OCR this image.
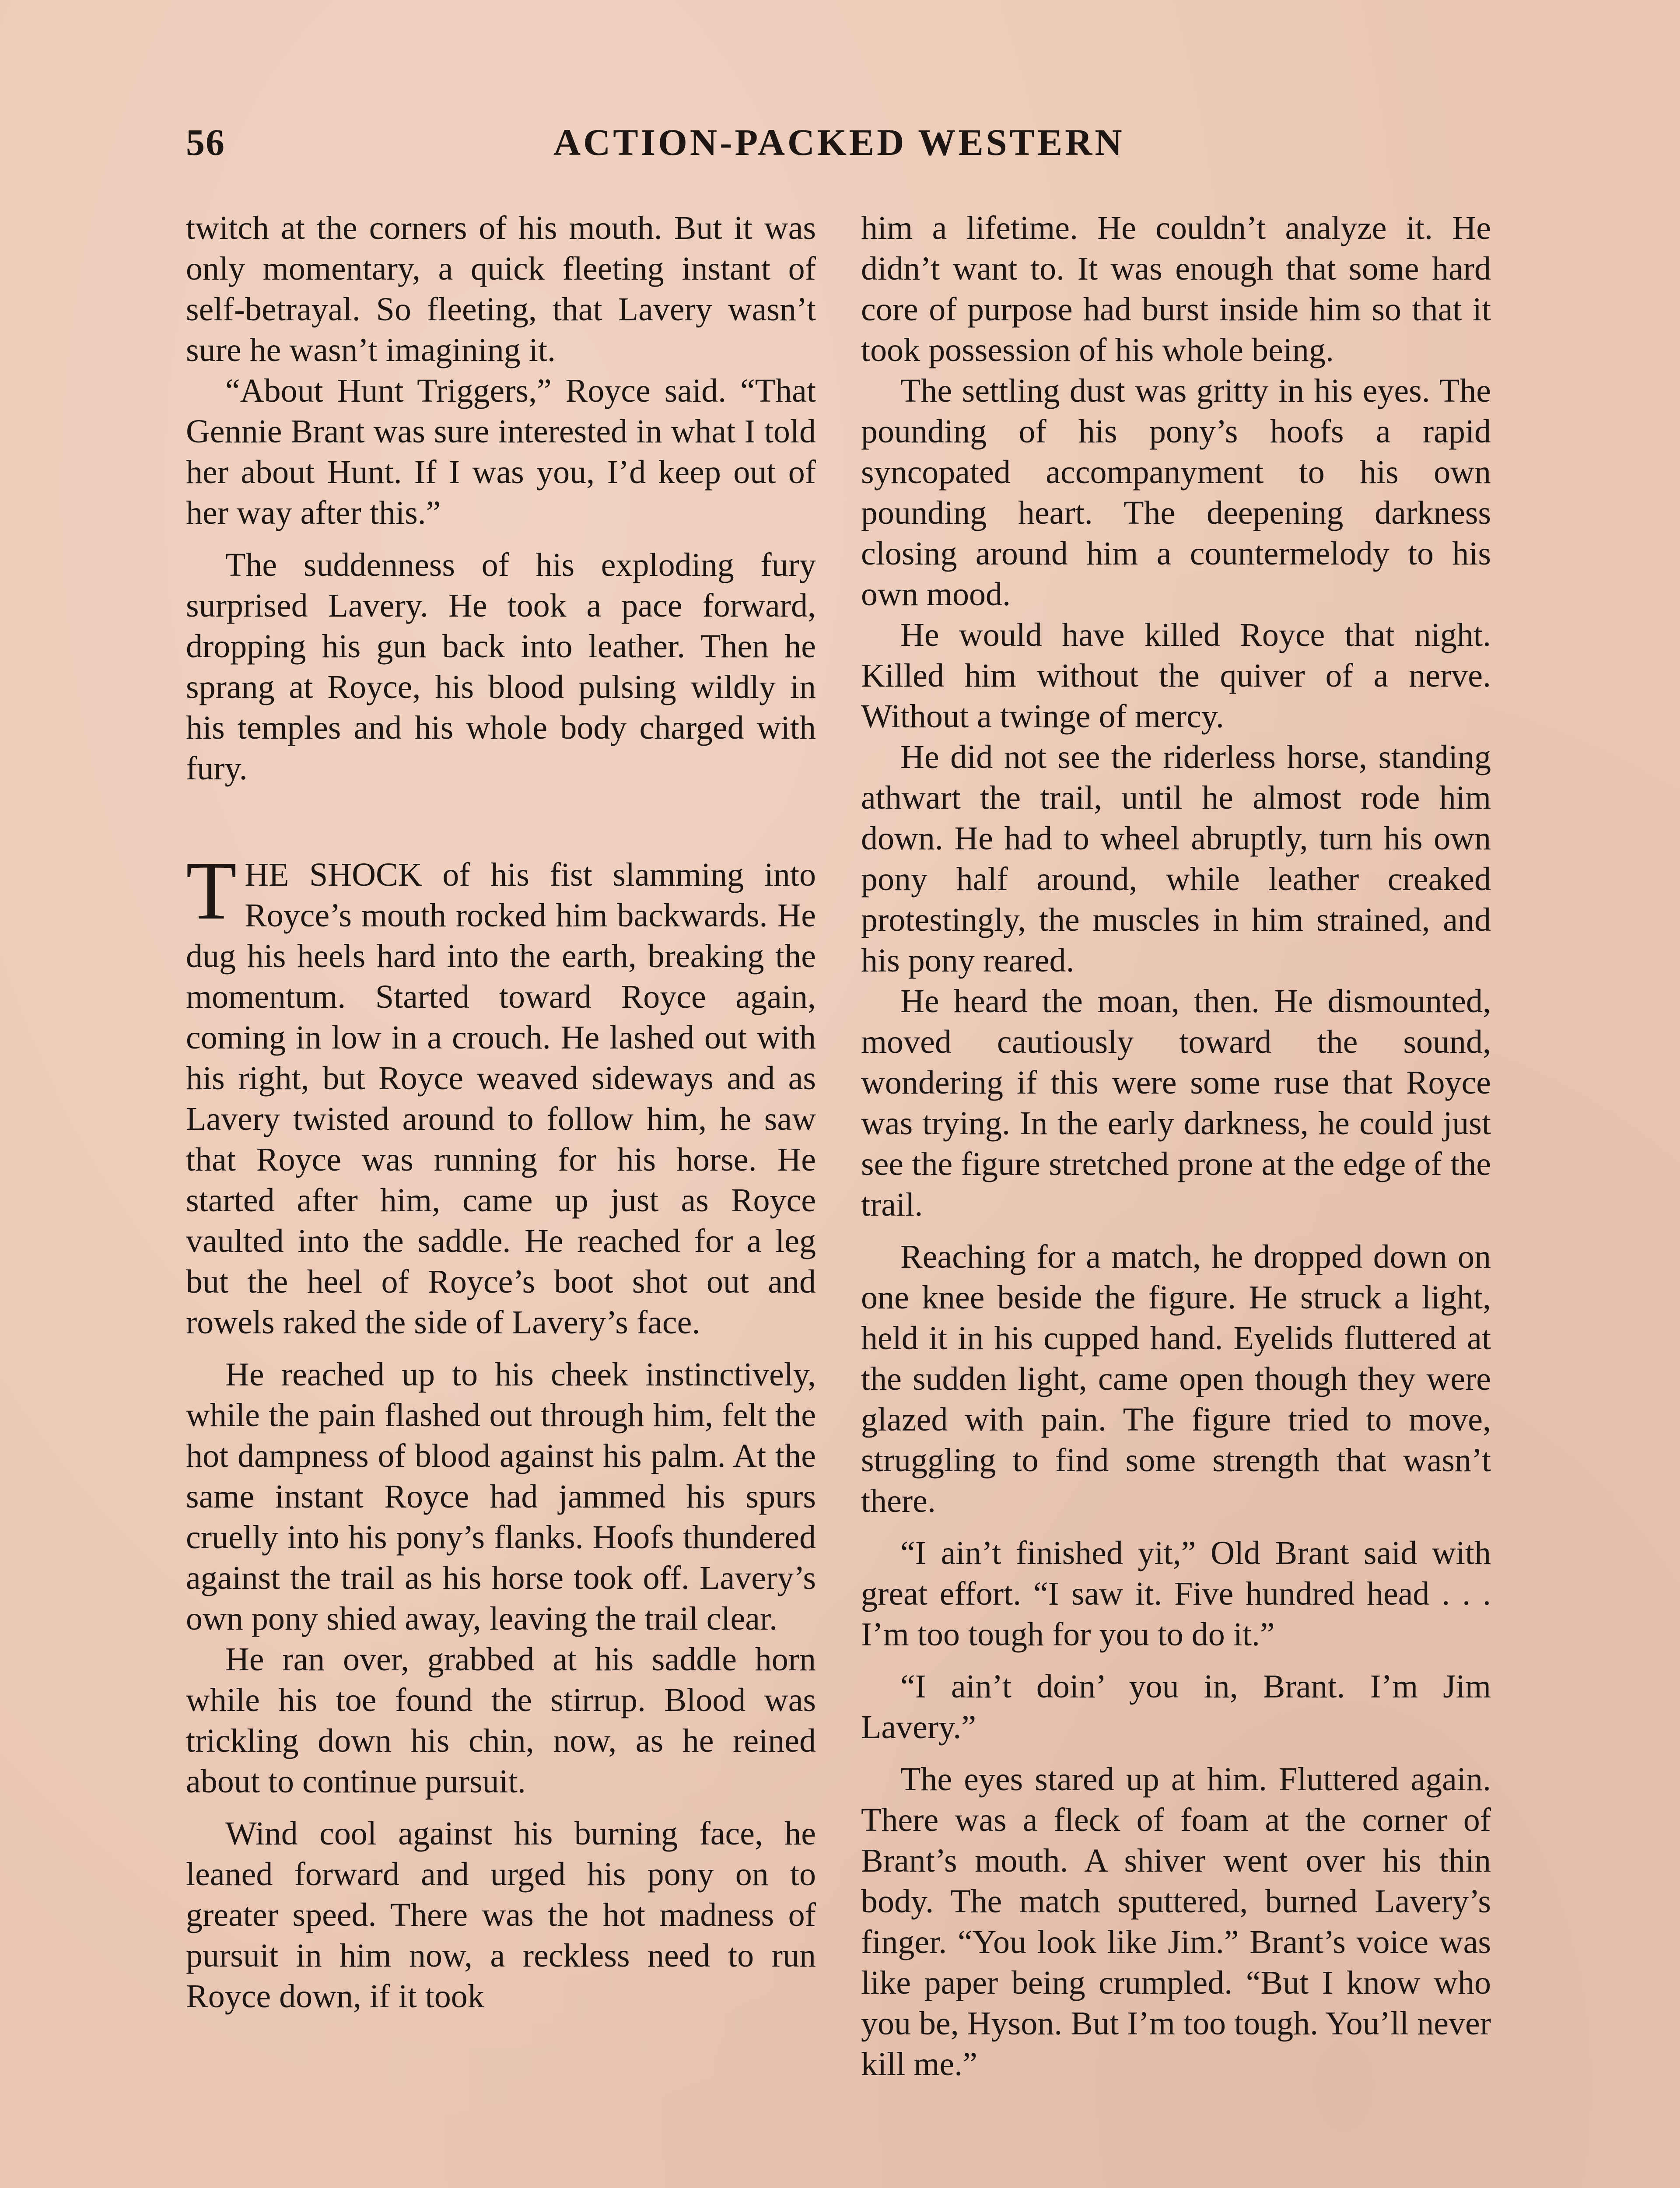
56	ACTION-PACKED WESTERN

twitch at the corners of his mouth. But it was only momentary, a quick fleeting instant of self-betrayal. So fleeting, that Lavery wasn’t sure he wasn’t imagining it.

“About Hunt Triggers,” Royce said. “That Gennie Brant was sure interested in what I told her about Hunt. If I was you, I’d keep out of her way after this.”

The suddenness of his exploding fury surprised Lavery. He took a pace forward, dropping his gun back into leather. Then he sprang at Royce, his blood pulsing wildly in his temples and his whole body charged with fury.

THE SHOCK of his fist slamming into Royce’s mouth rocked him backwards. He dug his heels hard into the earth, breaking the momentum. Started toward Royce again, coming in low in a crouch. He lashed out with his right, but Royce weaved sideways and as Lavery twisted around to follow him, he saw that Royce was running for his horse. He started after him, came up just as Royce vaulted into the saddle. He reached for a leg but the heel of Royce’s boot shot out and rowels raked the side of Lavery’s face.

He reached up to his cheek instinctively, while the pain flashed out through him, felt the hot dampness of blood against his palm. At the same instant Royce had jammed his spurs cruelly into his pony’s flanks. Hoofs thundered against the trail as his horse took off. Lavery’s own pony shied away, leaving the trail clear.

He ran over, grabbed at his saddle horn while his toe found the stirrup. Blood was trickling down his chin, now, as he reined about to continue pursuit.

Wind cool against his burning face, he leaned forward and urged his pony on to greater speed. There was the hot madness of pursuit in him now, a reckless need to run Royce down, if it took

him a lifetime. He couldn’t analyze it. He didn’t want to. It was enough that some hard core of purpose had burst inside him so that it took possession of his whole being.

The settling dust was gritty in his eyes. The pounding of his pony’s hoofs a rapid syncopated accompanyment to his own pounding heart. The deepening darkness closing around him a countermelody to his own mood.

He would have killed Royce that night. Killed him without the quiver of a nerve. Without a twinge of mercy.

He did not see the riderless horse, standing athwart the trail, until he almost rode him down. He had to wheel abruptly, turn his own pony half around, while leather creaked protestingly, the muscles in him strained, and his pony reared.

He heard the moan, then. He dismounted, moved cautiously toward the sound, wondering if this were some ruse that Royce was trying. In the early darkness, he could just see the figure stretched prone at the edge of the trail.

Reaching for a match, he dropped down on one knee beside the figure. He struck a light, held it in his cupped hand. Eyelids fluttered at the sudden light, came open though they were glazed with pain. The figure tried to move, struggling to find some strength that wasn’t there.

“I ain’t finished yit,” Old Brant said with great effort. “I saw it. Five hundred head . . . I’m too tough for you to do it.”

“I ain’t doin’ you in, Brant. I’m Jim Lavery.”

The eyes stared up at him. Fluttered again. There was a fleck of foam at the corner of Brant’s mouth. A shiver went over his thin body. The match sputtered, burned Lavery’s finger. “You look like Jim.” Brant’s voice was like paper being crumpled. “But I know who you be, Hyson. But I’m too tough. You’ll never kill me.”
